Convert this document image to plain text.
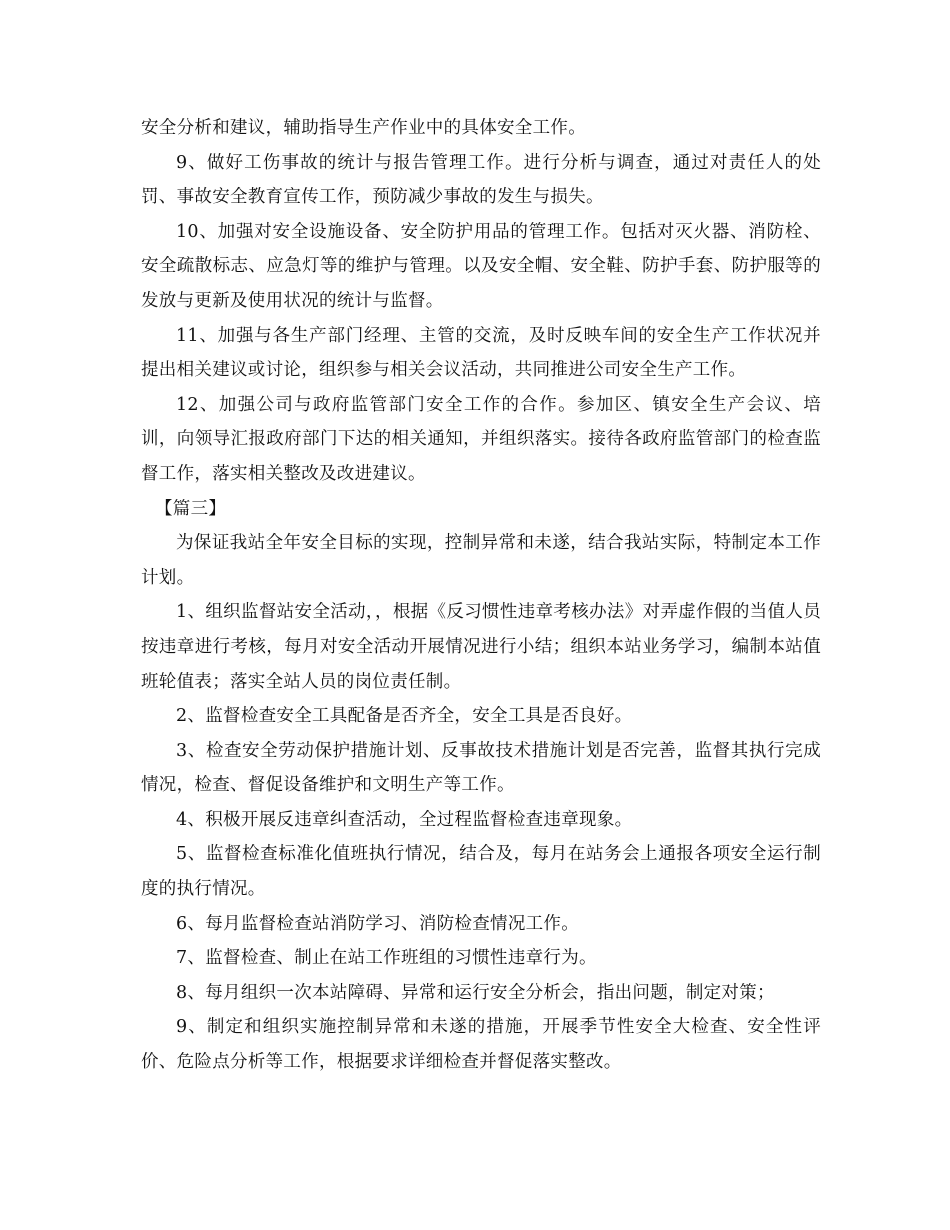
安全分析和建议，辅助指导生产作业中的具体安全工作。

9、做好工伤事故的统计与报告管理工作。进行分析与调查，通过对责任人的处罚、事故安全教育宣传工作，预防减少事故的发生与损失。

10、加强对安全设施设备、安全防护用品的管理工作。包括对灭火器、消防栓、安全疏散标志、应急灯等的维护与管理。以及安全帽、安全鞋、防护手套、防护服等的发放与更新及使用状况的统计与监督。

11、加强与各生产部门经理、主管的交流，及时反映车间的安全生产工作状况并提出相关建议或讨论，组织参与相关会议活动，共同推进公司安全生产工作。

12、加强公司与政府监管部门安全工作的合作。参加区、镇安全生产会议、培训，向领导汇报政府部门下达的相关通知，并组织落实。接待各政府监管部门的检查监督工作，落实相关整改及改进建议。

【篇三】

为保证我站全年安全目标的实现，控制异常和未遂，结合我站实际，特制定本工作计划。

1、组织监督站安全活动，，根据《反习惯性违章考核办法》对弄虚作假的当值人员按违章进行考核，每月对安全活动开展情况进行小结；组织本站业务学习，编制本站值班轮值表；落实全站人员的岗位责任制。

2、监督检查安全工具配备是否齐全，安全工具是否良好。

3、检查安全劳动保护措施计划、反事故技术措施计划是否完善，监督其执行完成情况，检查、督促设备维护和文明生产等工作。

4、积极开展反违章纠查活动，全过程监督检查违章现象。

5、监督检查标准化值班执行情况，结合及，每月在站务会上通报各项安全运行制度的执行情况。

6、每月监督检查站消防学习、消防检查情况工作。

7、监督检查、制止在站工作班组的习惯性违章行为。

8、每月组织一次本站障碍、异常和运行安全分析会，指出问题，制定对策；

9、制定和组织实施控制异常和未遂的措施，开展季节性安全大检查、安全性评价、危险点分析等工作，根据要求详细检查并督促落实整改。
